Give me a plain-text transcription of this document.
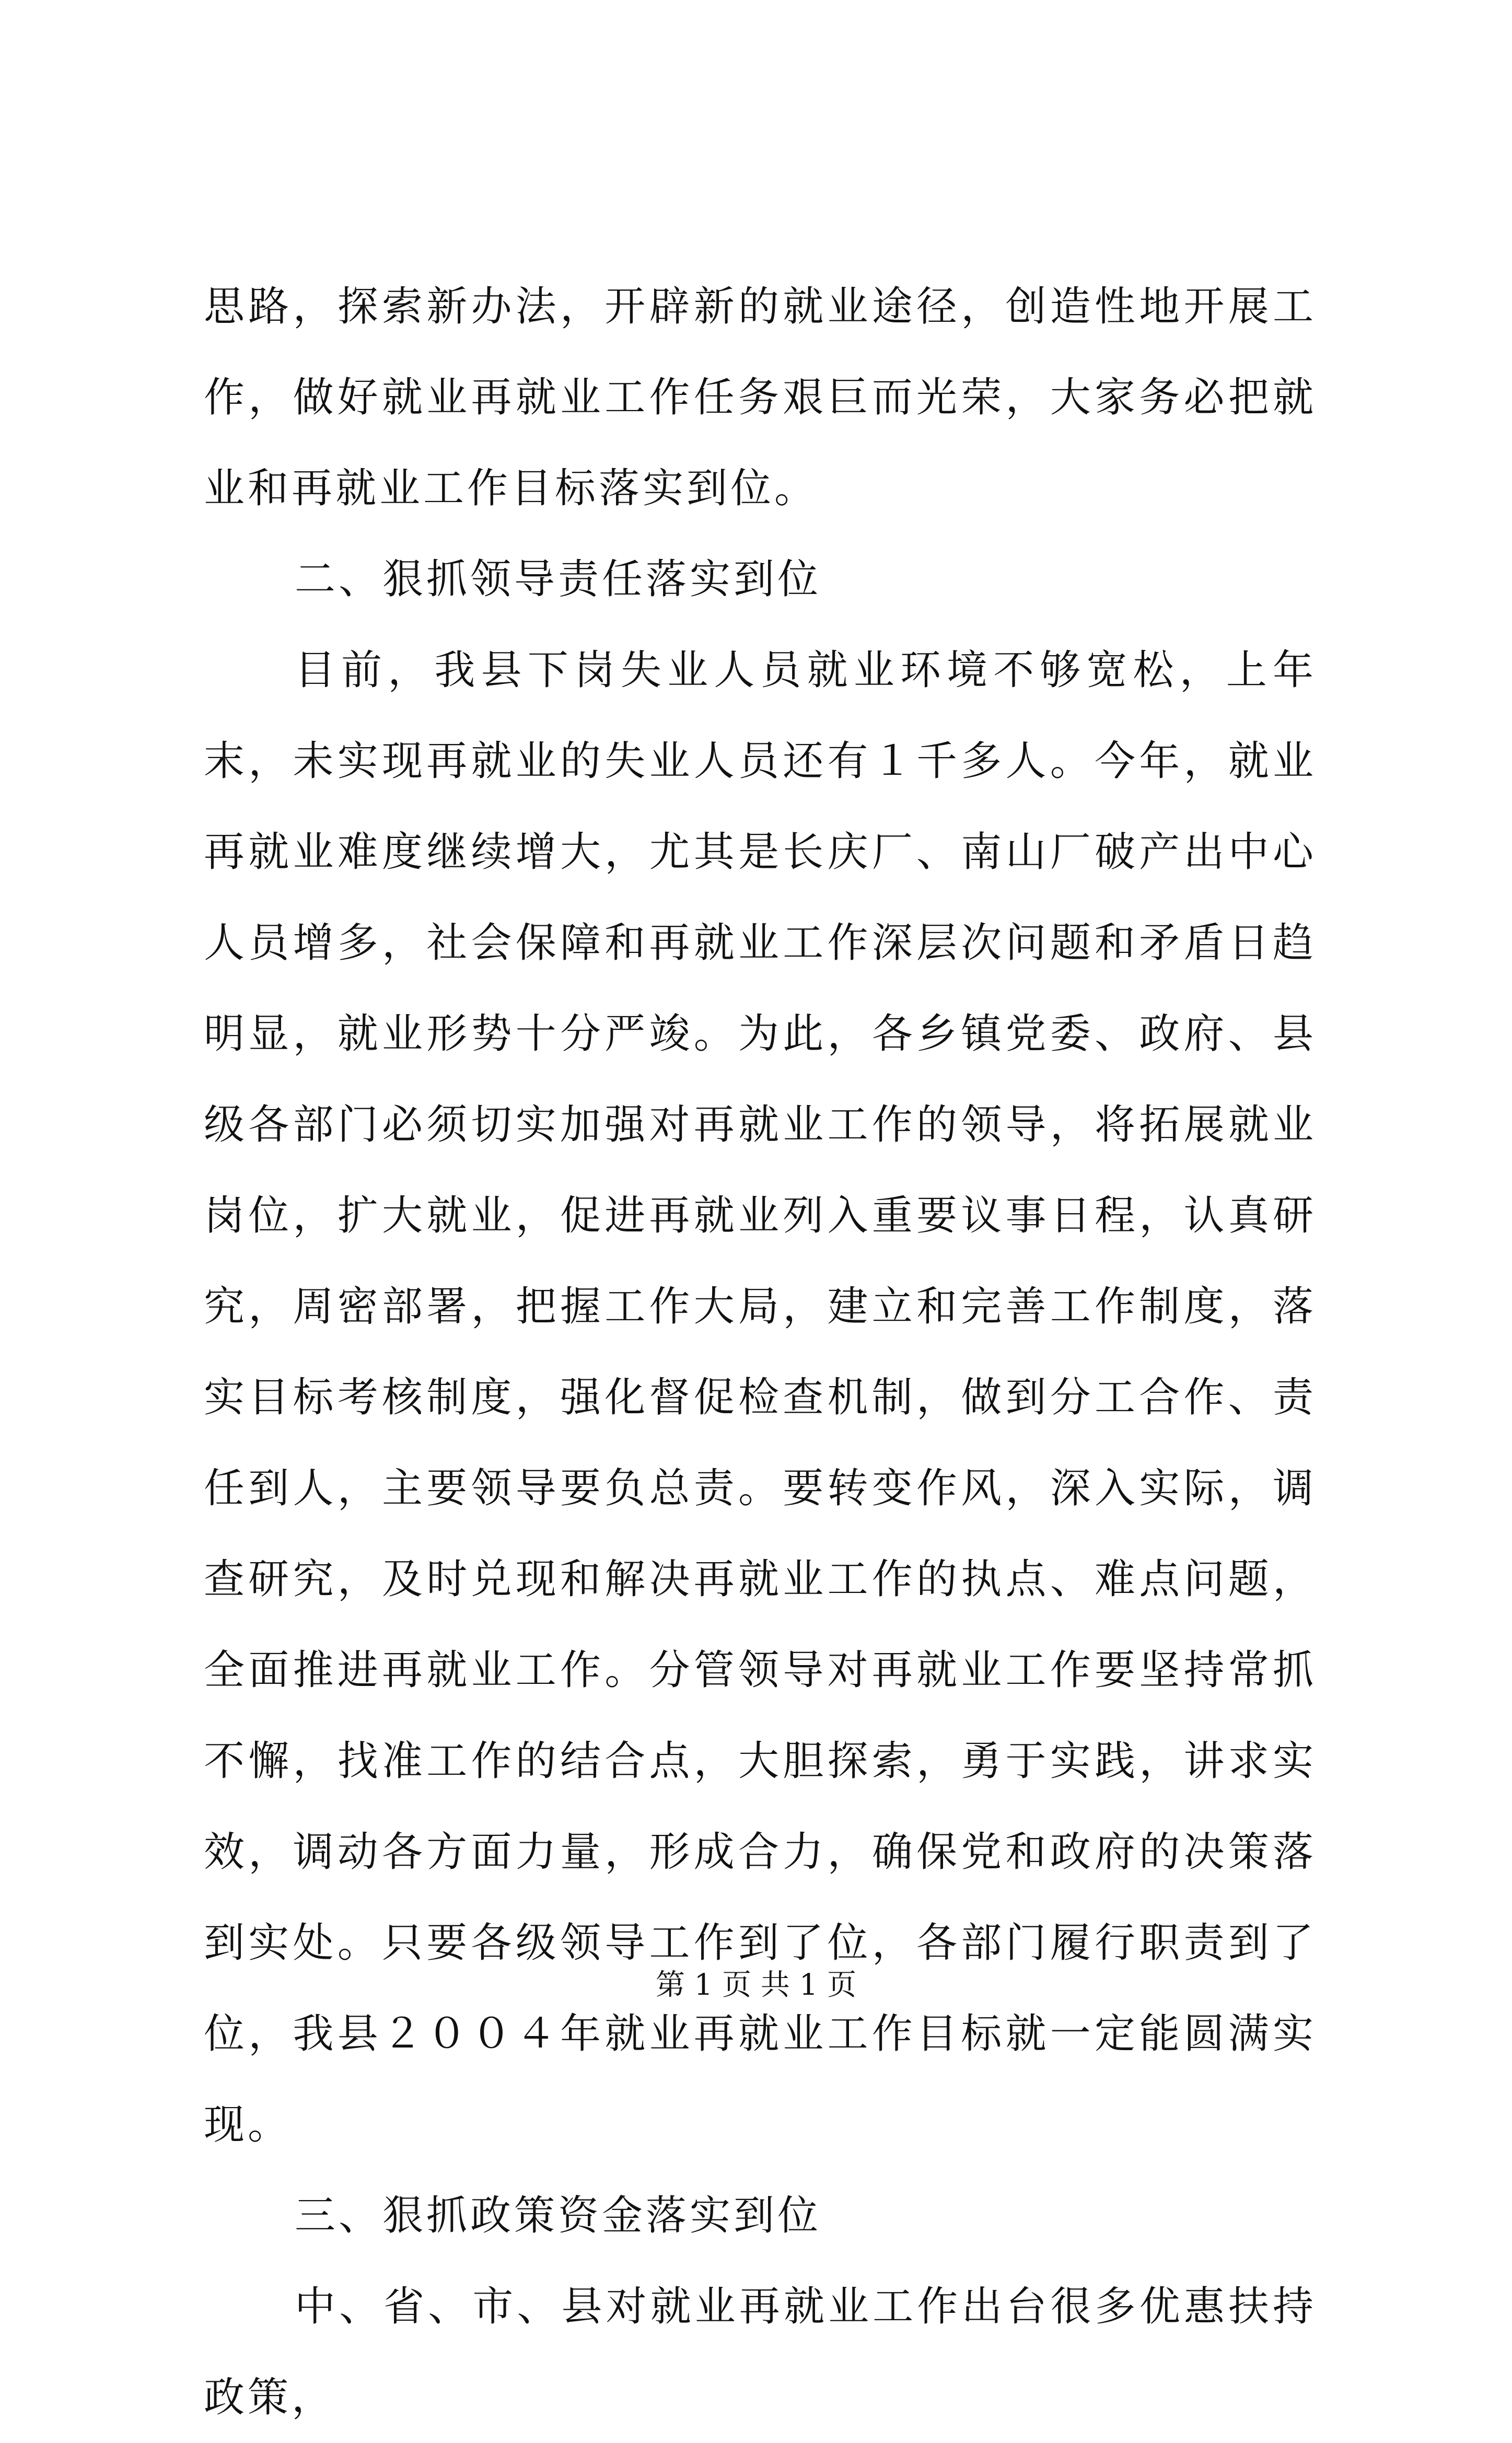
思路，探索新办法，开辟新的就业途径，创造性地开展工作，做好就业再就业工作任务艰巨而光荣，大家务必把就业和再就业工作目标落实到位。

二、狠抓领导责任落实到位

目前，我县下岗失业人员就业环境不够宽松，上年末，未实现再就业的失业人员还有１千多人。今年，就业再就业难度继续增大，尤其是长庆厂、南山厂破产出中心人员增多，社会保障和再就业工作深层次问题和矛盾日趋明显，就业形势十分严竣。为此，各乡镇党委、政府、县级各部门必须切实加强对再就业工作的领导，将拓展就业岗位，扩大就业，促进再就业列入重要议事日程，认真研究，周密部署，把握工作大局，建立和完善工作制度，落实目标考核制度，强化督促检查机制，做到分工合作、责任到人，主要领导要负总责。要转变作风，深入实际，调查研究，及时兑现和解决再就业工作的执点、难点问题，全面推进再就业工作。分管领导对再就业工作要坚持常抓不懈，找准工作的结合点，大胆探索，勇于实践，讲求实效，调动各方面力量，形成合力，确保党和政府的决策落到实处。只要各级领导工作到了位，各部门履行职责到了位，我县２００４年就业再就业工作目标就一定能圆满实现。

三、狠抓政策资金落实到位

中、省、市、县对就业再就业工作出台很多优惠扶持政策，

第 1 页 共 1 页
